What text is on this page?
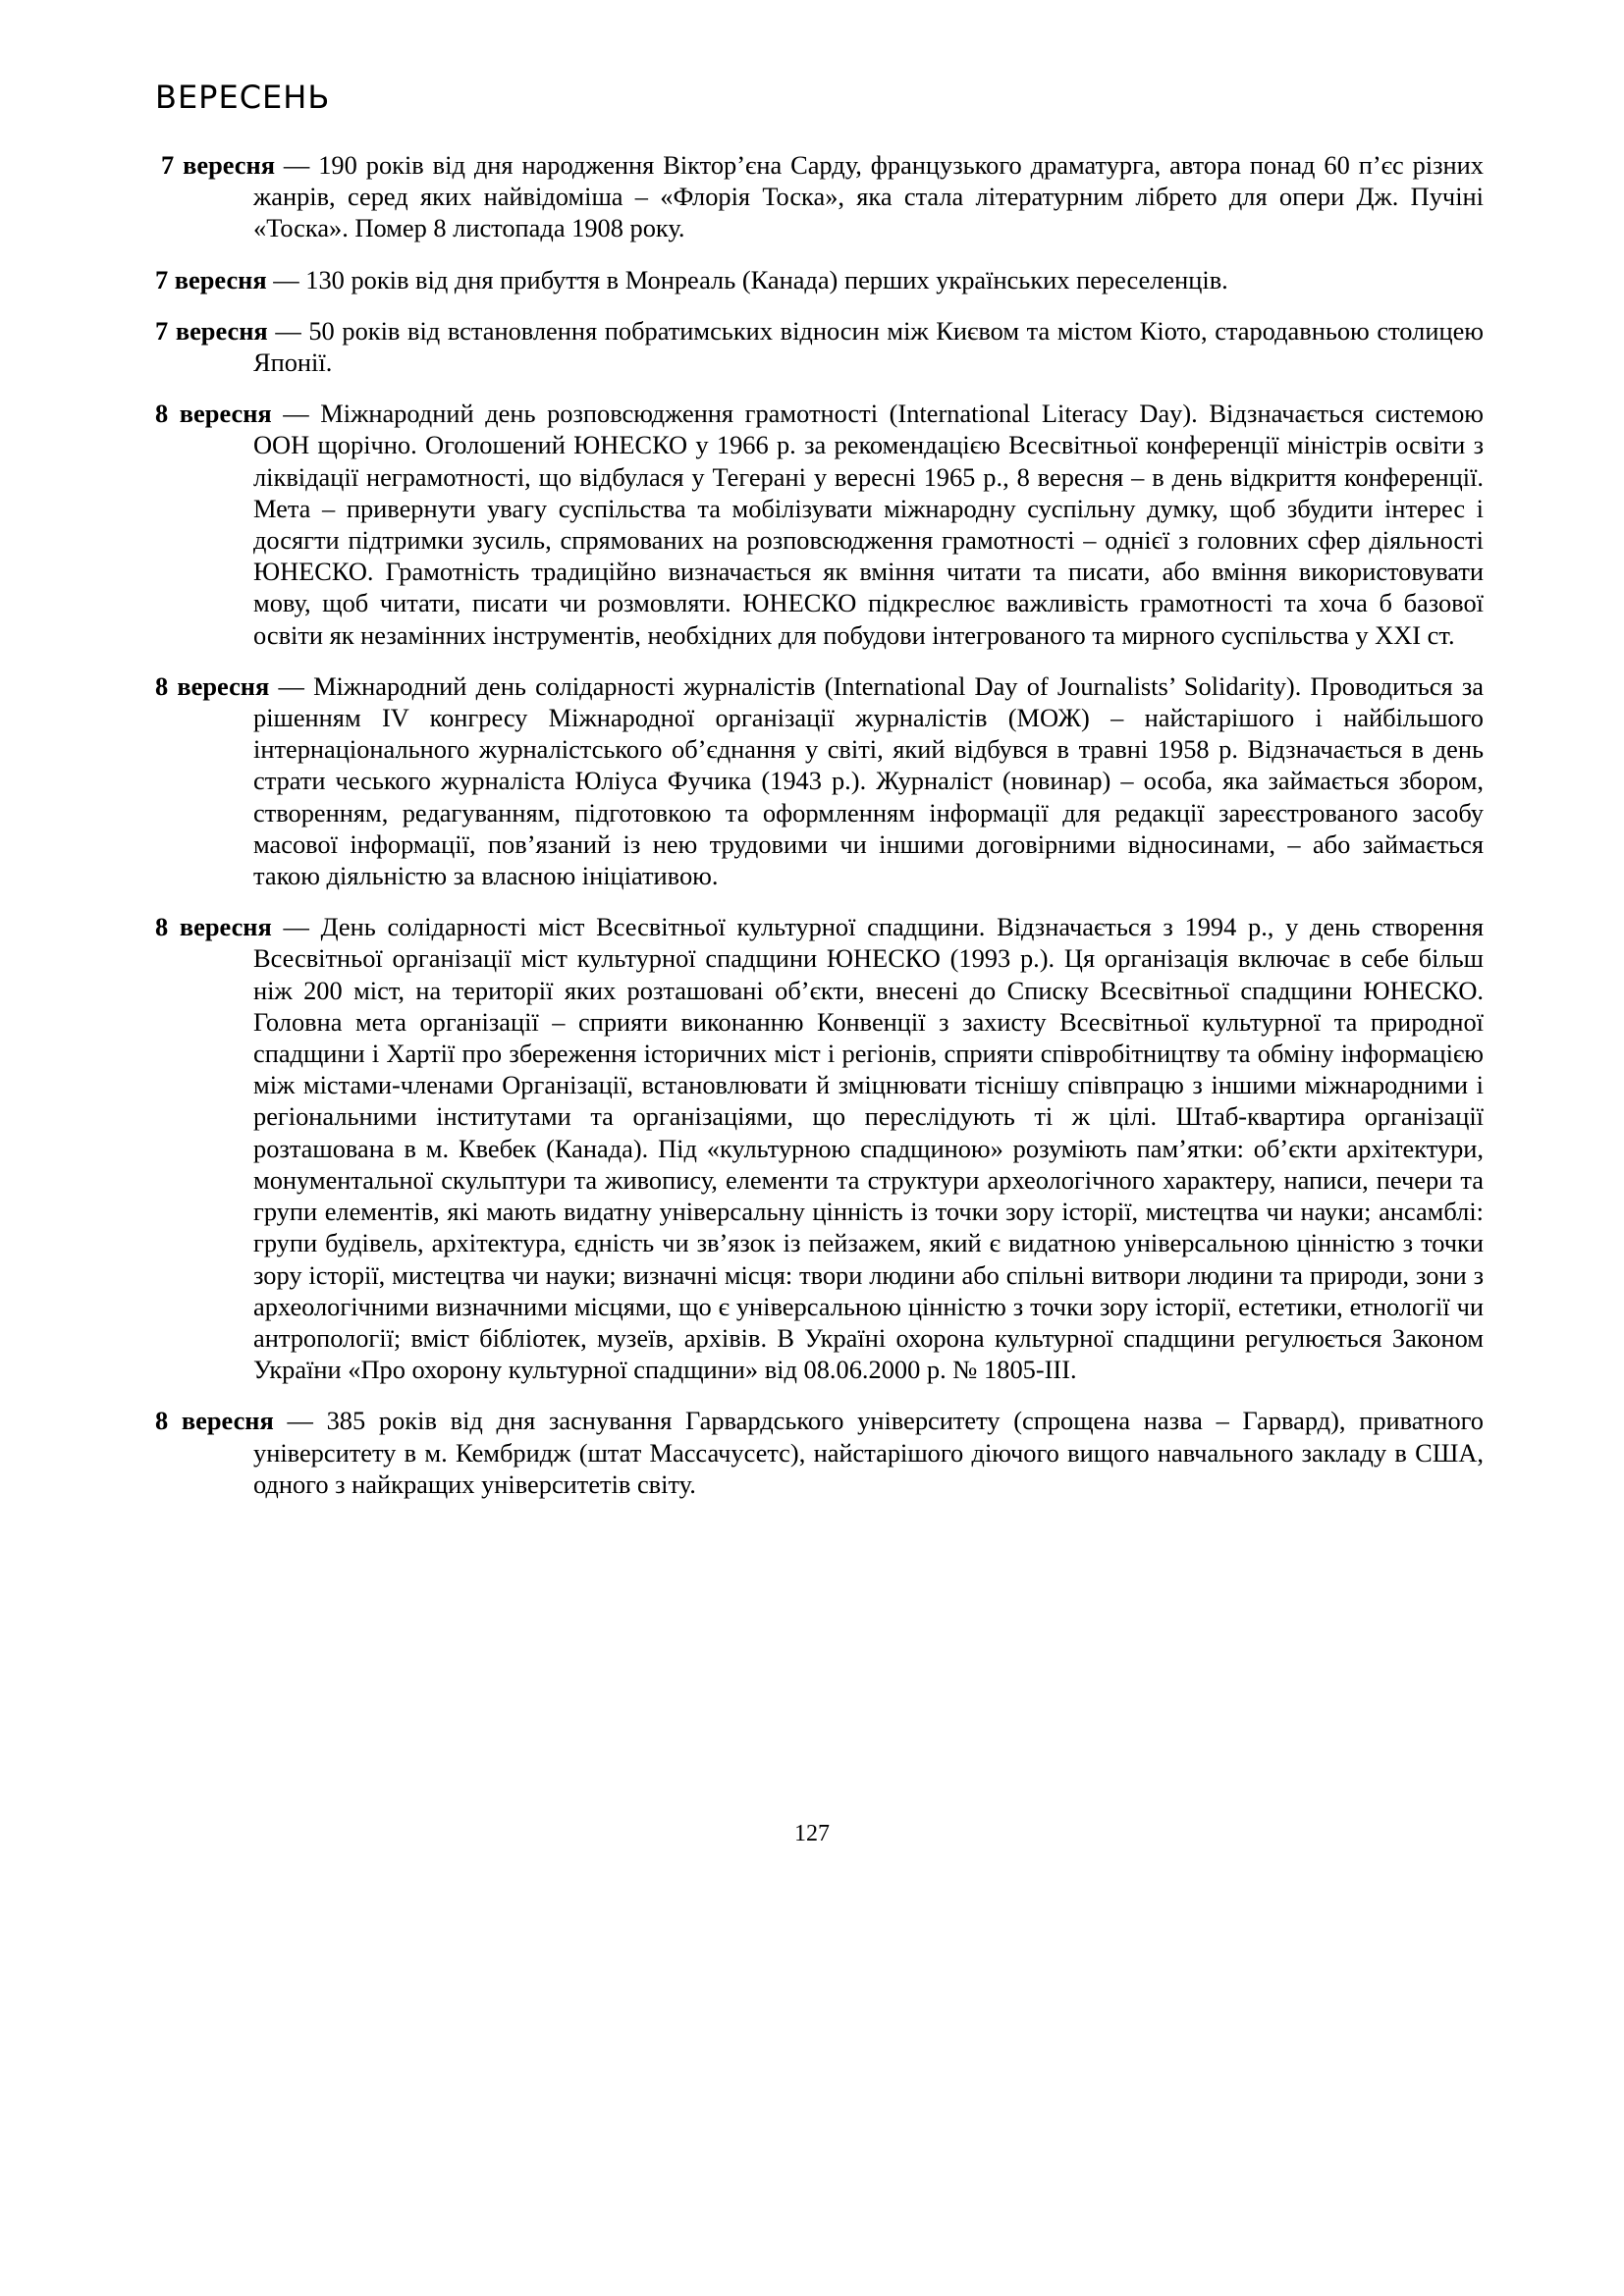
ВЕРЕСЕНЬ

7 вересня — 190 років від дня народження Віктор’єна Сарду, французького драматурга, автора понад 60 п’єс різних жанрів, серед яких найвідоміша – «Флорія Тоска», яка стала літературним лібрето для опери Дж. Пучіні «Тоска». Помер 8 листопада 1908 року.

7 вересня — 130 років від дня прибуття в Монреаль (Канада) перших українських переселенців.

7 вересня — 50 років від встановлення побратимських відносин між Києвом та містом Кіото, стародавньою столицею Японії.

8 вересня — Міжнародний день розповсюдження грамотності (International Literacy Day). Відзначається системою ООН щорічно. Оголошений ЮНЕСКО у 1966 р. за рекомендацією Всесвітньої конференції міністрів освіти з ліквідації неграмотності, що відбулася у Тегерані у вересні 1965 р., 8 вересня – в день відкриття конференції. Мета – привернути увагу суспільства та мобілізувати міжнародну суспільну думку, щоб збудити інтерес і досягти підтримки зусиль, спрямованих на розповсюдження грамотності – однієї з головних сфер діяльності ЮНЕСКО. Грамотність традиційно визначається як вміння читати та писати, або вміння використовувати мову, щоб читати, писати чи розмовляти. ЮНЕСКО підкреслює важливість грамотності та хоча б базової освіти як незамінних інструментів, необхідних для побудови інтегрованого та мирного суспільства у ХХІ ст.

8 вересня — Міжнародний день солідарності журналістів (International Day of Journalists’ Solidarity). Проводиться за рішенням IV конгресу Міжнародної організації журналістів (МОЖ) – найстарішого і найбільшого інтернаціонального журналістського об’єднання у світі, який відбувся в травні 1958 р. Відзначається в день страти чеського журналіста Юліуса Фучика (1943 р.). Журналіст (новинар) – особа, яка займається збором, створенням, редагуванням, підготовкою та оформленням інформації для редакції зареєстрованого засобу масової інформації, пов’язаний із нею трудовими чи іншими договірними відносинами, – або займається такою діяльністю за власною ініціативою.

8 вересня — День солідарності міст Всесвітньої культурної спадщини. Відзначається з 1994 р., у день створення Всесвітньої організації міст культурної спадщини ЮНЕСКО (1993 р.). Ця організація включає в себе більш ніж 200 міст, на території яких розташовані об’єкти, внесені до Списку Всесвітньої спадщини ЮНЕСКО. Головна мета організації – сприяти виконанню Конвенції з захисту Всесвітньої культурної та природної спадщини і Хартії про збереження історичних міст і регіонів, сприяти співробітництву та обміну інформацією між містами-членами Організації, встановлювати й зміцнювати тіснішу співпрацю з іншими міжнародними і регіональними інститутами та організаціями, що переслідують ті ж цілі. Штаб-квартира організації розташована в м. Квебек (Канада). Під «культурною спадщиною» розуміють пам’ятки: об’єкти архітектури, монументальної скульптури та живопису, елементи та структури археологічного характеру, написи, печери та групи елементів, які мають видатну універсальну цінність із точки зору історії, мистецтва чи науки; ансамблі: групи будівель, архітектура, єдність чи зв’язок із пейзажем, який є видатною універсальною цінністю з точки зору історії, мистецтва чи науки; визначні місця: твори людини або спільні витвори людини та природи, зони з археологічними визначними місцями, що є універсальною цінністю з точки зору історії, естетики, етнології чи антропології; вміст бібліотек, музеїв, архівів. В Україні охорона культурної спадщини регулюється Законом України «Про охорону культурної спадщини» від 08.06.2000 р. № 1805-ІІІ.

8 вересня — 385 років від дня заснування Гарвардського університету (спрощена назва – Гарвард), приватного університету в м. Кембридж (штат Массачусетс), найстарішого діючого вищого навчального закладу в США, одного з найкращих університетів світу.

127
